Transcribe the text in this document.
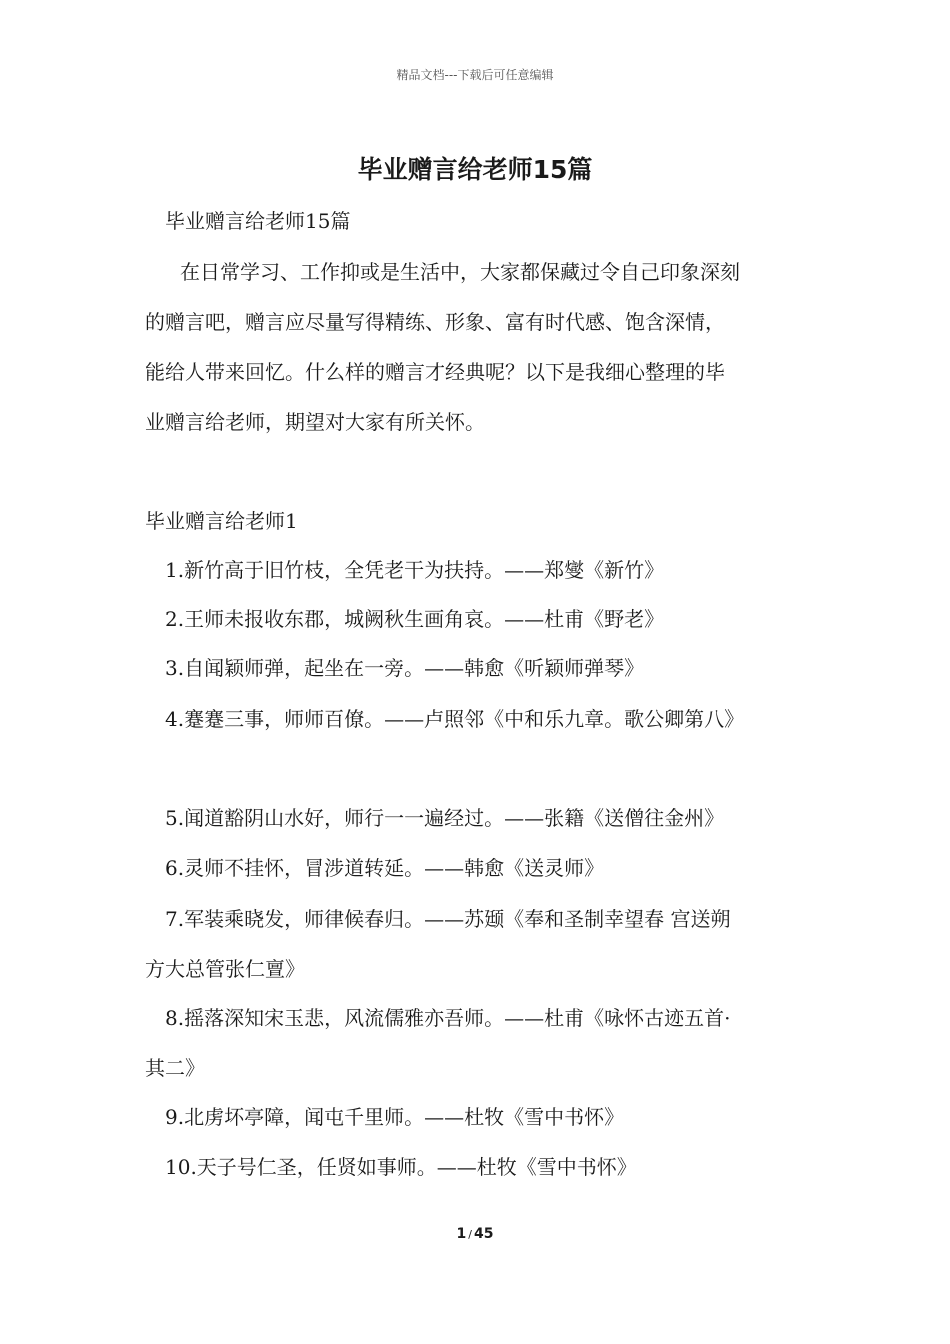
精品文档---下载后可任意编辑
毕业赠言给老师15篇
毕业赠言给老师15篇
在日常学习、工作抑或是生活中，大家都保藏过令自己印象深刻
的赠言吧，赠言应尽量写得精练、形象、富有时代感、饱含深情，
能给人带来回忆。什么样的赠言才经典呢？以下是我细心整理的毕
业赠言给老师，期望对大家有所关怀。
毕业赠言给老师1
1.新竹高于旧竹枝，全凭老干为扶持。——郑燮《新竹》
2.王师未报收东郡，城阙秋生画角哀。——杜甫《野老》
3.自闻颖师弹，起坐在一旁。——韩愈《听颖师弹琴》
4.蹇蹇三事，师师百僚。——卢照邻《中和乐九章。歌公卿第八》
5.闻道豁阴山水好，师行一一遍经过。——张籍《送僧往金州》
6.灵师不挂怀，冒涉道转延。——韩愈《送灵师》
7.军装乘晓发，师律候春归。——苏颋《奉和圣制幸望春 宫送朔
方大总管张仁亶》
8.摇落深知宋玉悲，风流儒雅亦吾师。——杜甫《咏怀古迹五首·
其二》
9.北虏坏亭障，闻屯千里师。——杜牧《雪中书怀》
10.天子号仁圣，任贤如事师。——杜牧《雪中书怀》
1 / 45
